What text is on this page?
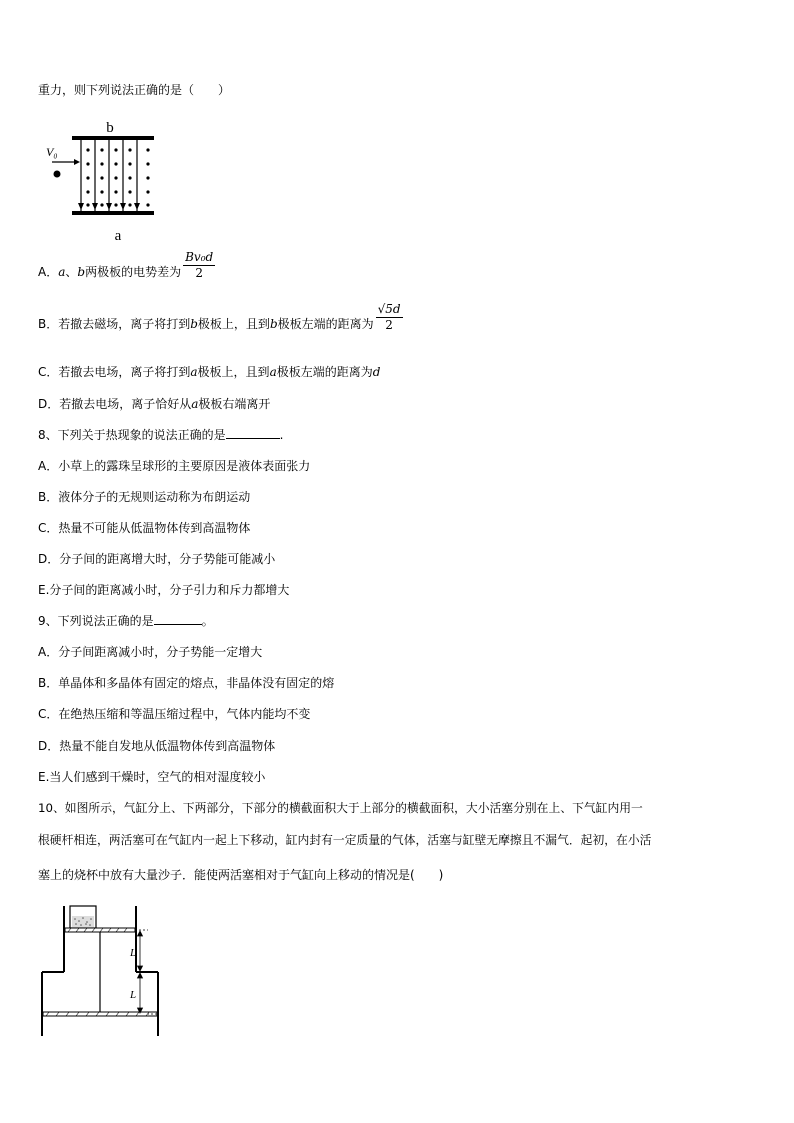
重力，则下列说法正确的是（　　）
b
V₀
a
A．a、b两极板的电势差为 $\frac{\text{Bv₀d}}{2}$
B．若撤去磁场，离子将打到b极板上，且到b极板左端的距离为 $\frac{√5d}{2}$
C．若撤去电场，离子将打到a极板上，且到a极板左端的距离为d
D．若撤去电场，离子恰好从a极板右端离开
8、下列关于热现象的说法正确的是	.
A．小草上的露珠呈球形的主要原因是液体表面张力
B．液体分子的无规则运动称为布朗运动
C．热量不可能从低温物体传到高温物体
D．分子间的距离增大时，分子势能可能减小
E.分子间的距离减小时，分子引力和斥力都增大
9、下列说法正确的是	。
A．分子间距离减小时，分子势能一定增大
B．单晶体和多晶体有固定的熔点，非晶体没有固定的熔
C．在绝热压缩和等温压缩过程中，气体内能均不变
D．热量不能自发地从低温物体传到高温物体
E.当人们感到干燥时，空气的相对湿度较小
10、如图所示，气缸分上、下两部分，下部分的横截面积大于上部分的横截面积，大小活塞分别在上、下气缸内用一
根硬杆相连，两活塞可在气缸内一起上下移动，缸内封有一定质量的气体，活塞与缸壁无摩擦且不漏气．起初，在小活
塞上的烧杯中放有大量沙子．能使两活塞相对于气缸向上移动的情况是(　　)
L
L
